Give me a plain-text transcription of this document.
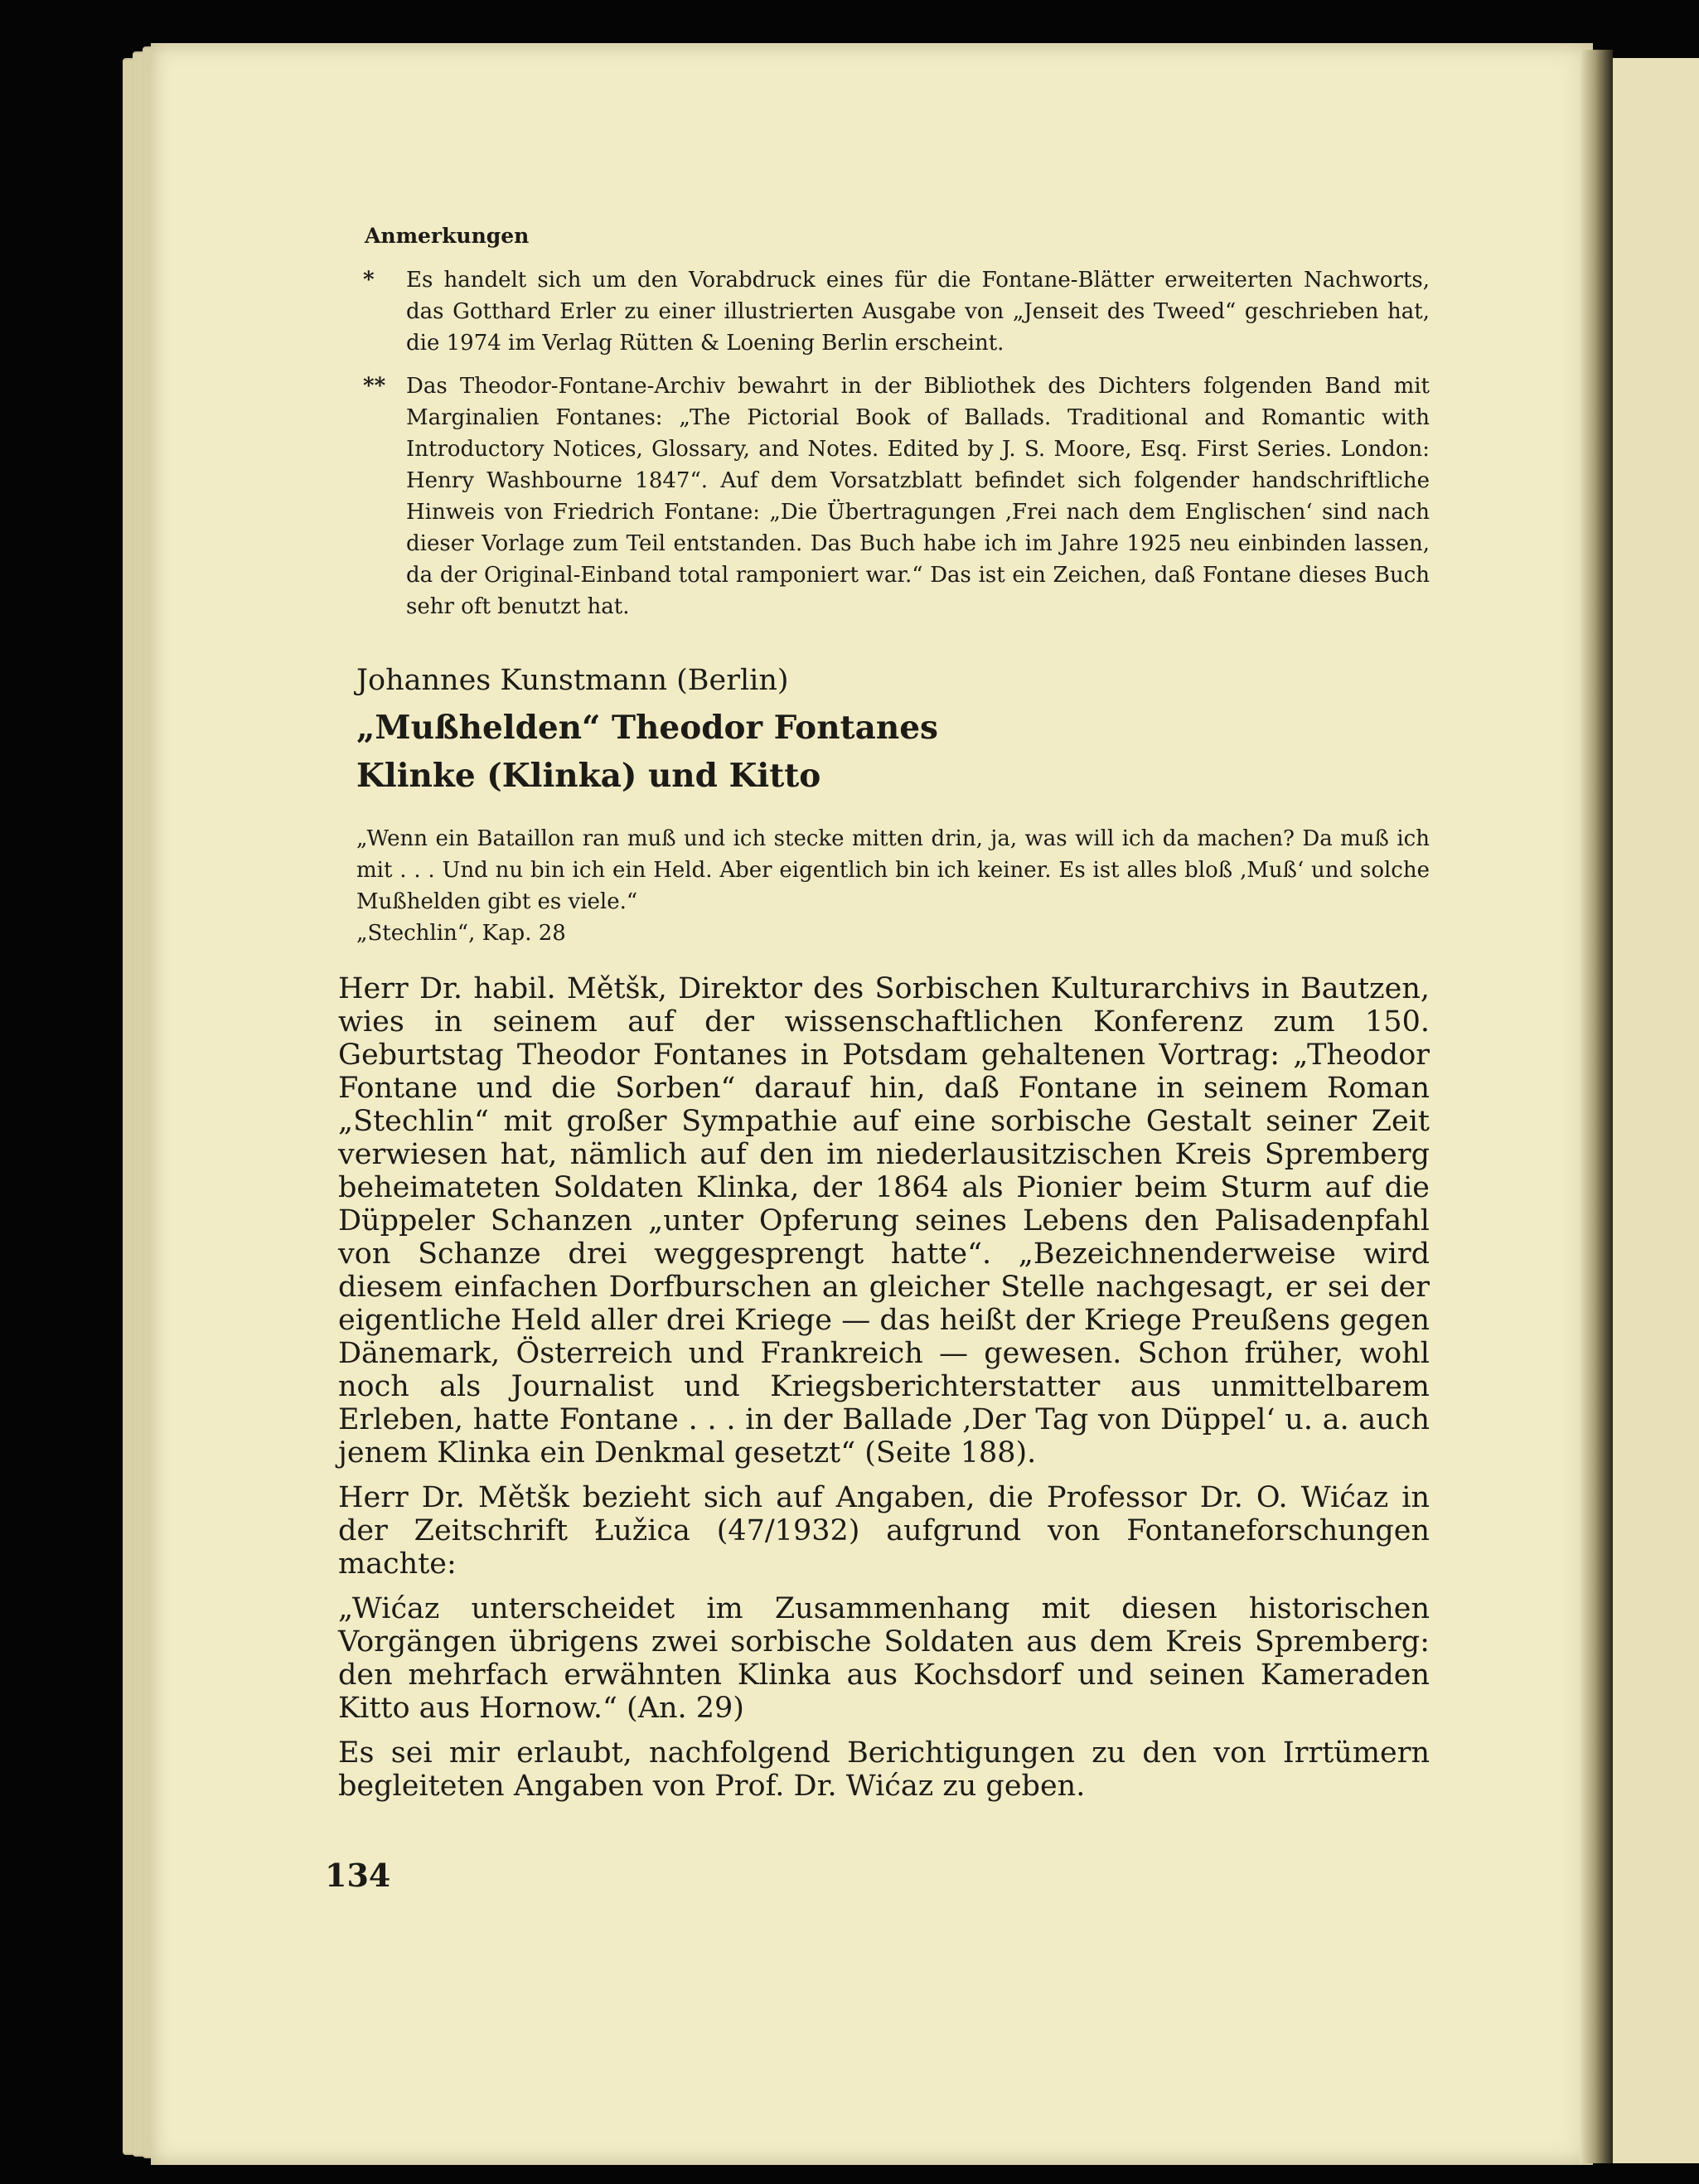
Anmerkungen
* Es handelt sich um den Vorabdruck eines für die Fontane-Blätter erweiterten Nachworts, das Gotthard Erler zu einer illustrierten Ausgabe von „Jenseit des Tweed“ geschrieben hat, die 1974 im Verlag Rütten & Loening Berlin erscheint.
** Das Theodor-Fontane-Archiv bewahrt in der Bibliothek des Dichters folgenden Band mit Marginalien Fontanes: „The Pictorial Book of Ballads. Traditional and Romantic with Introductory Notices, Glossary, and Notes. Edited by J. S. Moore, Esq. First Series. London: Henry Washbourne 1847“. Auf dem Vorsatzblatt befindet sich folgender handschriftliche Hinweis von Friedrich Fontane: „Die Übertragungen ‚Frei nach dem Englischen‘ sind nach dieser Vorlage zum Teil entstanden. Das Buch habe ich im Jahre 1925 neu einbinden lassen, da der Original-Einband total ramponiert war.“ Das ist ein Zeichen, daß Fontane dieses Buch sehr oft benutzt hat.
Johannes Kunstmann (Berlin)
„Mußhelden“ Theodor Fontanes
Klinke (Klinka) und Kitto
„Wenn ein Bataillon ran muß und ich stecke mitten drin, ja, was will ich da machen? Da muß ich mit . . . Und nu bin ich ein Held. Aber eigentlich bin ich keiner. Es ist alles bloß ‚Muß‘ und solche Mußhelden gibt es viele.“
„Stechlin“, Kap. 28

Herr Dr. habil. Mětšk, Direktor des Sorbischen Kulturarchivs in Bautzen, wies in seinem auf der wissenschaftlichen Konferenz zum 150. Geburtstag Theodor Fontanes in Potsdam gehaltenen Vortrag: „Theodor Fontane und die Sorben“ darauf hin, daß Fontane in seinem Roman „Stechlin“ mit großer Sympathie auf eine sorbische Gestalt seiner Zeit verwiesen hat, nämlich auf den im niederlausitzischen Kreis Spremberg beheimateten Soldaten Klinka, der 1864 als Pionier beim Sturm auf die Düppeler Schanzen „unter Opferung seines Lebens den Palisadenpfahl von Schanze drei weggesprengt hatte“. „Bezeichnenderweise wird diesem einfachen Dorfburschen an gleicher Stelle nachgesagt, er sei der eigentliche Held aller drei Kriege — das heißt der Kriege Preußens gegen Dänemark, Österreich und Frankreich — gewesen. Schon früher, wohl noch als Journalist und Kriegsberichterstatter aus unmittelbarem Erleben, hatte Fontane . . . in der Ballade ‚Der Tag von Düppel‘ u. a. auch jenem Klinka ein Denkmal gesetzt“ (Seite 188).

Herr Dr. Mětšk bezieht sich auf Angaben, die Professor Dr. O. Wićaz in der Zeitschrift Łužica (47/1932) aufgrund von Fontaneforschungen machte:

„Wićaz unterscheidet im Zusammenhang mit diesen historischen Vorgängen übrigens zwei sorbische Soldaten aus dem Kreis Spremberg: den mehrfach erwähnten Klinka aus Kochsdorf und seinen Kameraden Kitto aus Hornow.“ (An. 29)

Es sei mir erlaubt, nachfolgend Berichtigungen zu den von Irrtümern begleiteten Angaben von Prof. Dr. Wićaz zu geben.

134
